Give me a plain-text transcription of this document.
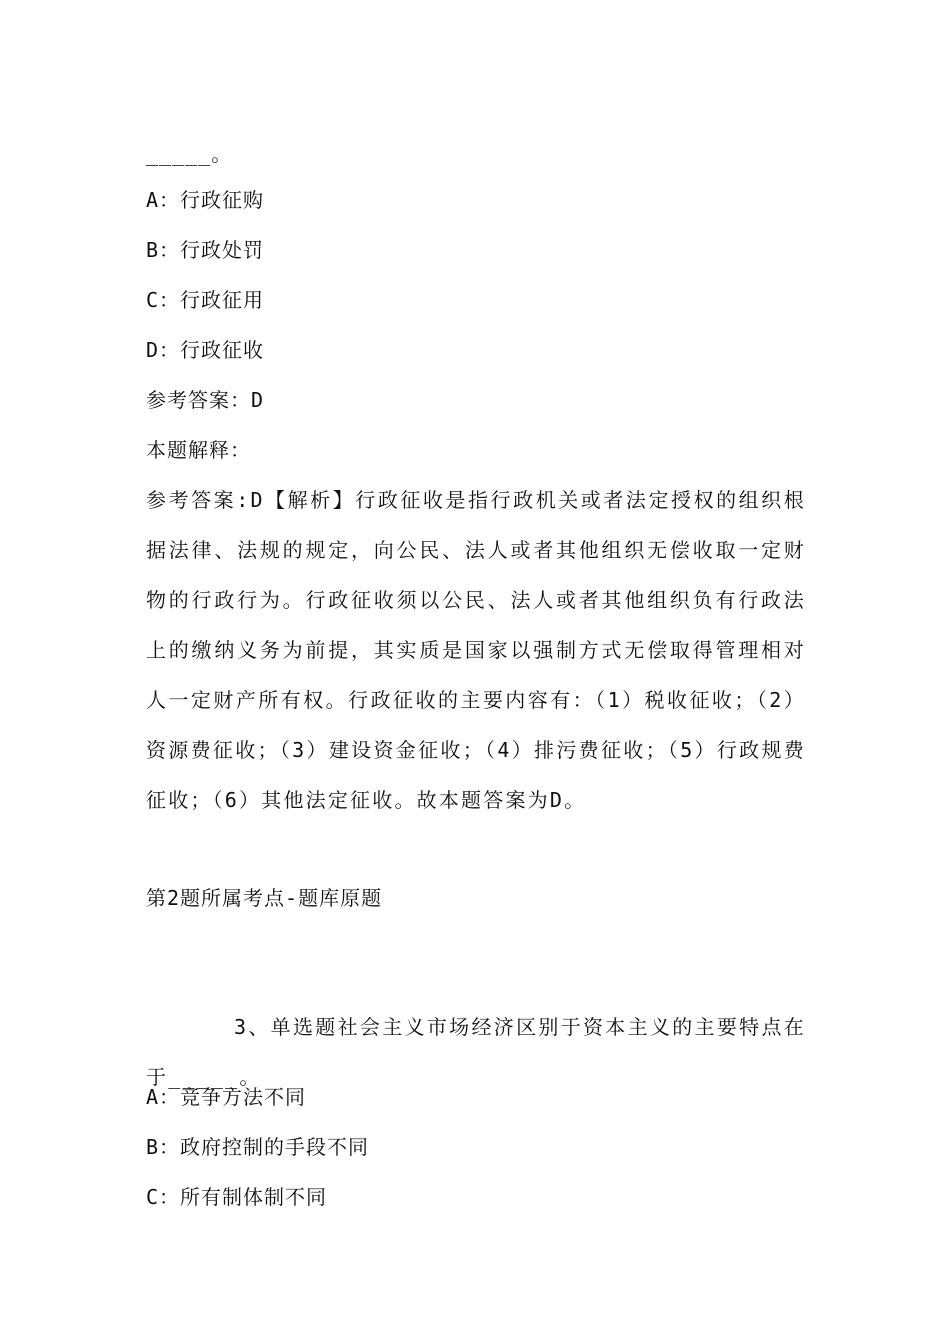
_____。
A：行政征购
B：行政处罚
C：行政征用
D：行政征收
参考答案：D
本题解释：
参考答案:D【解析】行政征收是指行政机关或者法定授权的组织根据法律、法规的规定，向公民、法人或者其他组织无偿收取一定财物的行政行为。行政征收须以公民、法人或者其他组织负有行政法上的缴纳义务为前提，其实质是国家以强制方式无偿取得管理相对人一定财产所有权。行政征收的主要内容有：（1）税收征收；（2）资源费征收；（3）建设资金征收；（4）排污费征收；（5）行政规费征收；（6）其他法定征收。故本题答案为D。
第2题所属考点-题库原题
3、单选题社会主义市场经济区别于资本主义的主要特点在于_____。
A：竞争方法不同
B：政府控制的手段不同
C：所有制体制不同
